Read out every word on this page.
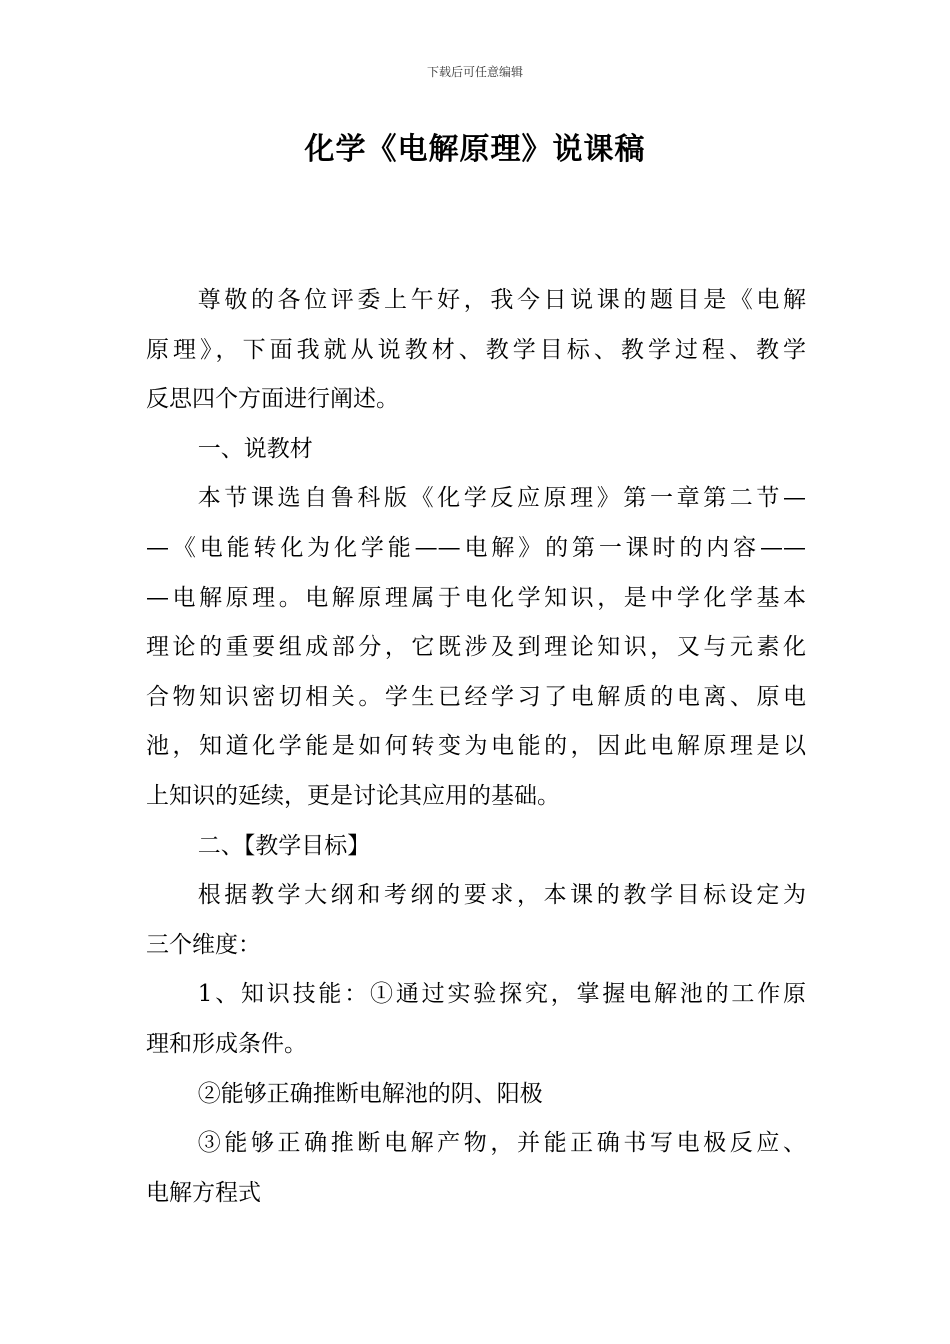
下载后可任意编辑
化学《电解原理》说课稿
尊敬的各位评委上午好，我今日说课的题目是《电解
原理》，下面我就从说教材、教学目标、教学过程、教学
反思四个方面进行阐述。
一、说教材
本节课选自鲁科版《化学反应原理》第一章第二节—
—《电能转化为化学能——电解》的第一课时的内容——
—电解原理。电解原理属于电化学知识，是中学化学基本
理论的重要组成部分，它既涉及到理论知识，又与元素化
合物知识密切相关。学生已经学习了电解质的电离、原电
池，知道化学能是如何转变为电能的，因此电解原理是以
上知识的延续，更是讨论其应用的基础。
二、【教学目标】
根据教学大纲和考纲的要求，本课的教学目标设定为
三个维度：
1、知识技能：①通过实验探究，掌握电解池的工作原
理和形成条件。
②能够正确推断电解池的阴、阳极
③能够正确推断电解产物，并能正确书写电极反应、
电解方程式
